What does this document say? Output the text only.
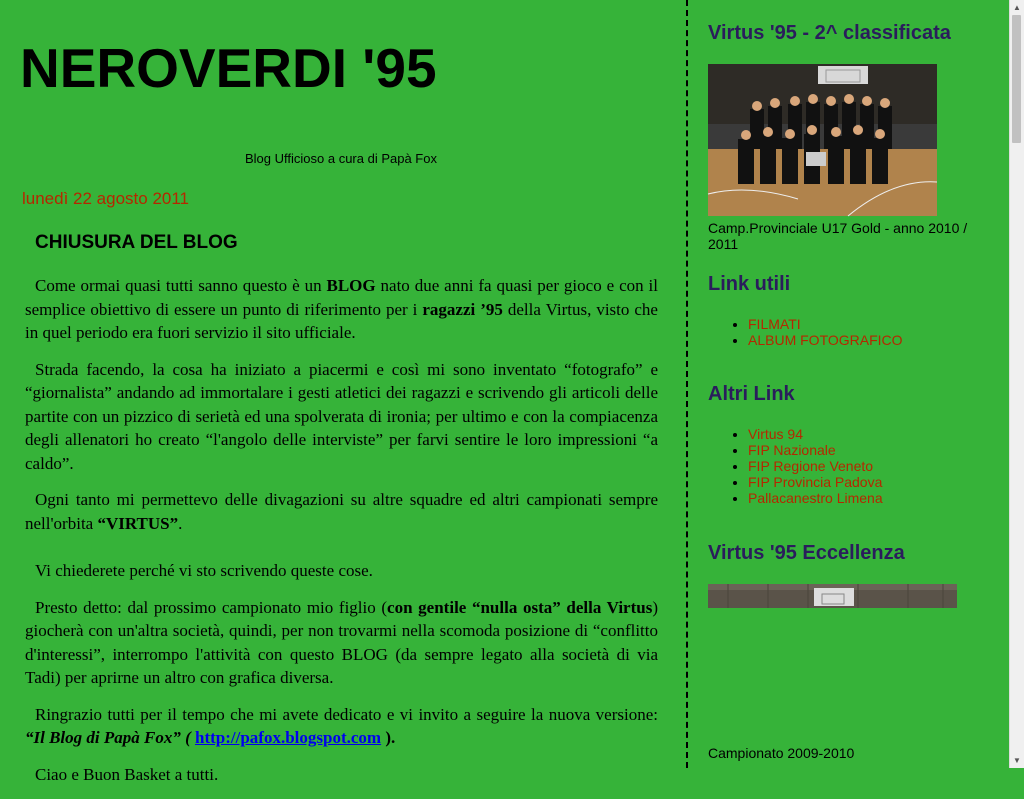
NEROVERDI '95
Blog Ufficioso a cura di Papà Fox
lunedì 22 agosto 2011
CHIUSURA DEL BLOG

Come ormai quasi tutti sanno questo è un BLOG nato due anni fa quasi per gioco e con il semplice obiettivo di essere un punto di riferimento per i ragazzi ’95 della Virtus, visto che in quel periodo era fuori servizio il sito ufficiale.

Strada facendo, la cosa ha iniziato a piacermi e così mi sono inventato “fotografo” e “giornalista” andando ad immortalare i gesti atletici dei ragazzi e scrivendo gli articoli delle partite con un pizzico di serietà ed una spolverata di ironia; per ultimo e con la compiacenza degli allenatori ho creato “l'angolo delle interviste” per farvi sentire le loro impressioni “a caldo”.

Ogni tanto mi permettevo delle divagazioni su altre squadre ed altri campionati sempre nell'orbita “VIRTUS”.

Vi chiederete perché vi sto scrivendo queste cose.

Presto detto: dal prossimo campionato mio figlio (con gentile “nulla osta” della Virtus) giocherà con un'altra società, quindi, per non trovarmi nella scomoda posizione di “conflitto d'interessi”, interrompo l'attività con questo BLOG (da sempre legato alla società di via Tadi) per aprirne un altro con grafica diversa.

Ringrazio tutti per il tempo che mi avete dedicato e vi invito a seguire la nuova versione: “Il Blog di Papà Fox” ( http://pafox.blogspot.com ).

Ciao e Buon Basket a tutti.

Virtus '95 - 2^ classificata
Camp.Provinciale U17 Gold - anno 2010 / 2011
Link utili
• FILMATI
• ALBUM FOTOGRAFICO
Altri Link
• Virtus 94
• FIP Nazionale
• FIP Regione Veneto
• FIP Provincia Padova
• Pallacanestro Limena
Virtus '95 Eccellenza
Campionato 2009-2010
▲
▼
